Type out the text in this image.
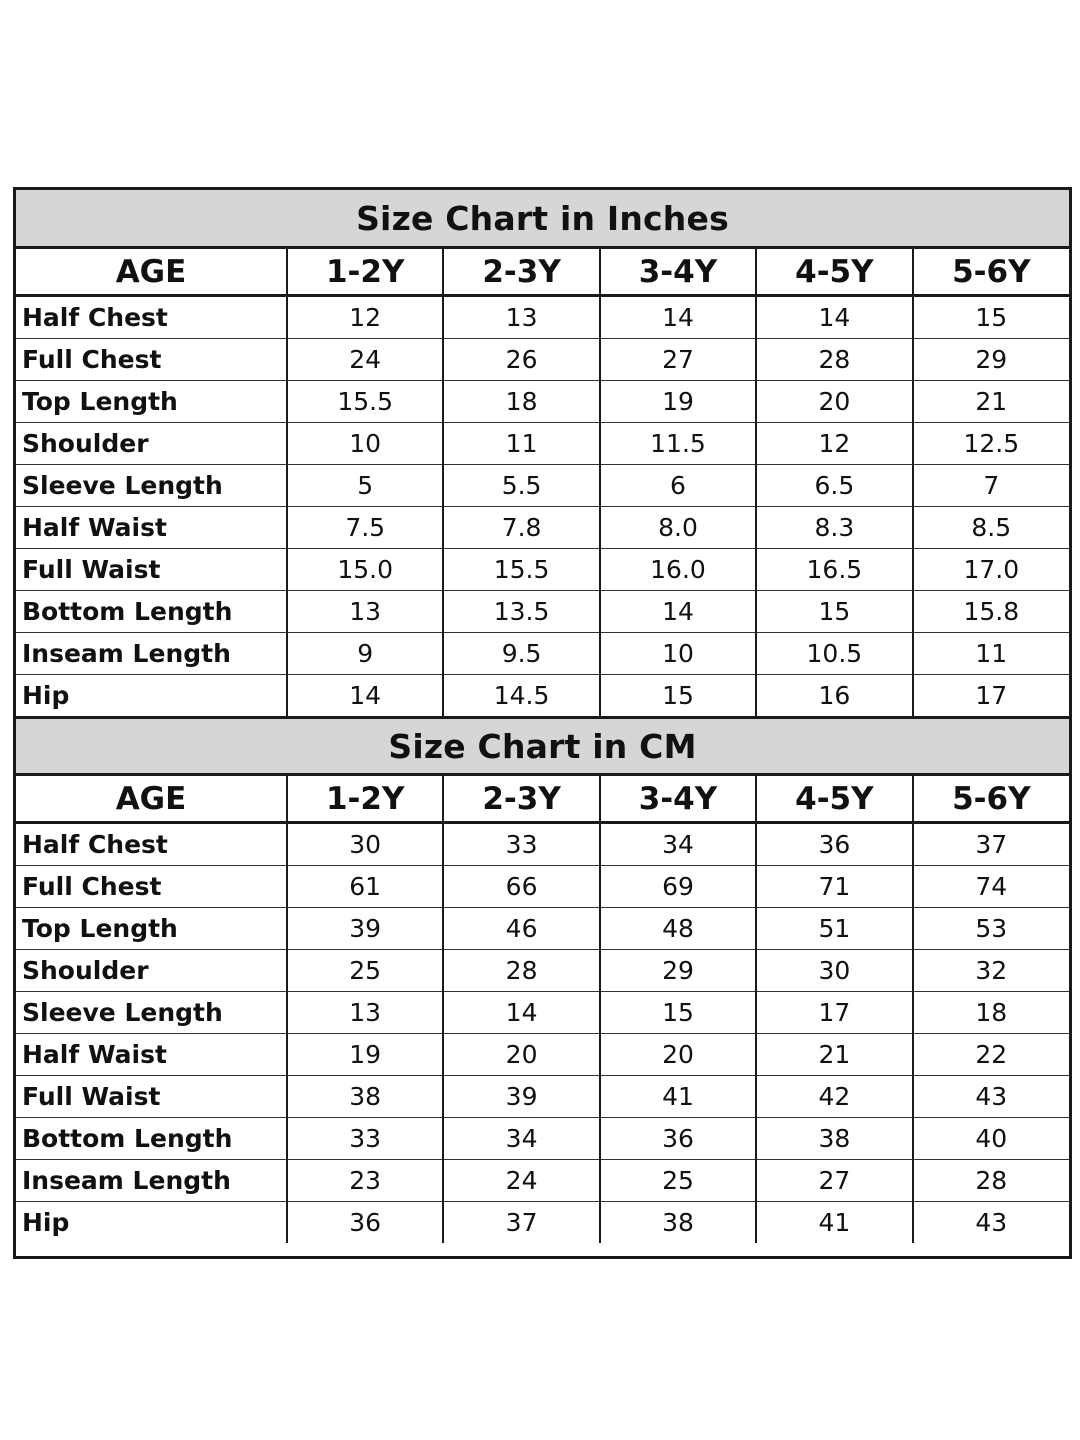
Size Chart in Inches					
AGE	1-2Y	2-3Y	3-4Y	4-5Y	5-6Y
Half Chest	12	13	14	14	15
Full Chest	24	26	27	28	29
Top Length	15.5	18	19	20	21
Shoulder	10	11	11.5	12	12.5
Sleeve Length	5	5.5	6	6.5	7
Half Waist	7.5	7.8	8.0	8.3	8.5
Full Waist	15.0	15.5	16.0	16.5	17.0
Bottom Length	13	13.5	14	15	15.8
Inseam Length	9	9.5	10	10.5	11
Hip	14	14.5	15	16	17
Size Chart in CM					
AGE	1-2Y	2-3Y	3-4Y	4-5Y	5-6Y
Half Chest	30	33	34	36	37
Full Chest	61	66	69	71	74
Top Length	39	46	48	51	53
Shoulder	25	28	29	30	32
Sleeve Length	13	14	15	17	18
Half Waist	19	20	20	21	22
Full Waist	38	39	41	42	43
Bottom Length	33	34	36	38	40
Inseam Length	23	24	25	27	28
Hip	36	37	38	41	43
